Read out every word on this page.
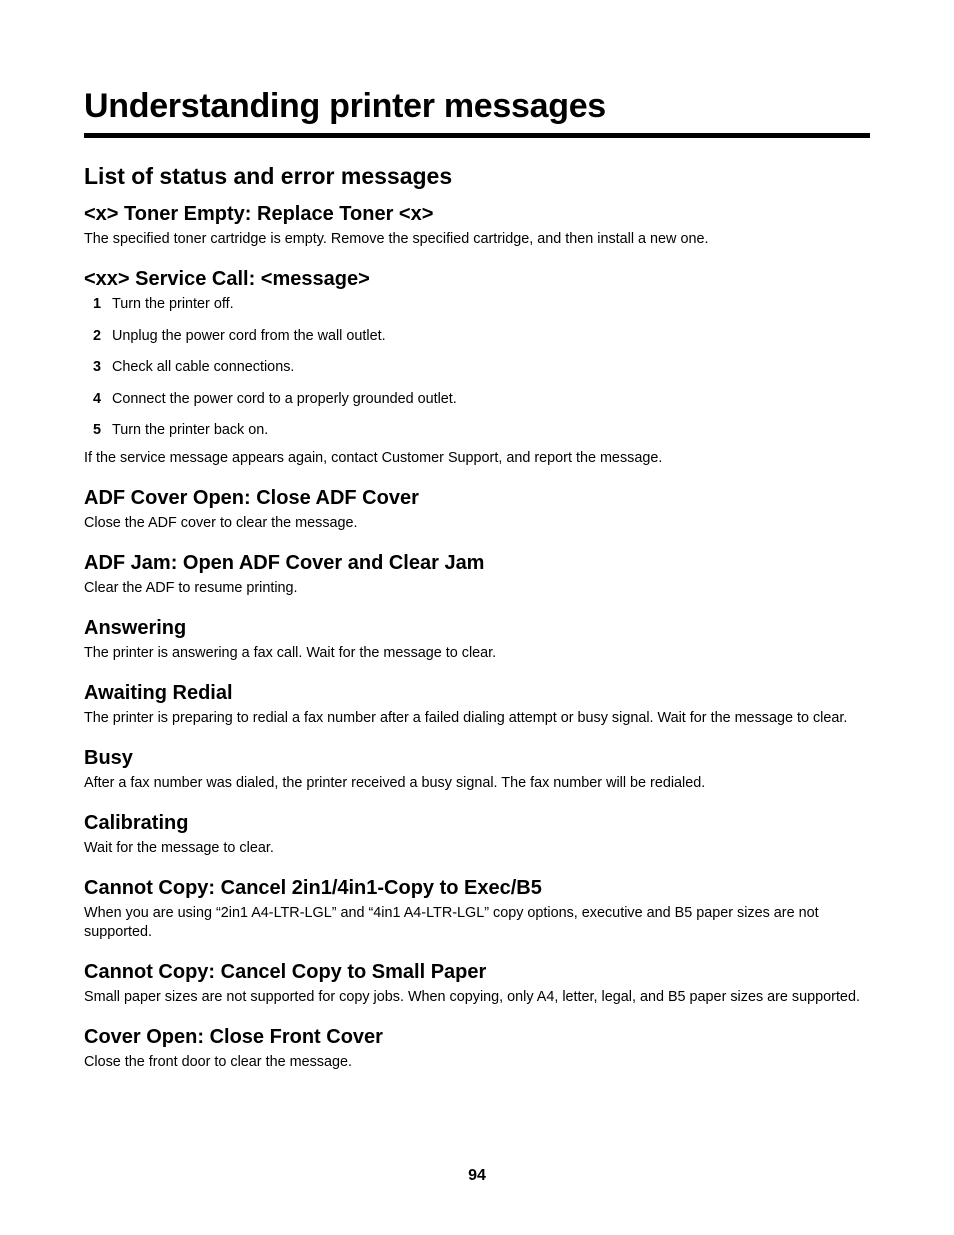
Understanding printer messages
List of status and error messages
<x> Toner Empty: Replace Toner <x>

The specified toner cartridge is empty. Remove the specified cartridge, and then install a new one.

<xx> Service Call: <message>
1 Turn the printer off.
2 Unplug the power cord from the wall outlet.
3 Check all cable connections.
4 Connect the power cord to a properly grounded outlet.
5 Turn the printer back on.

If the service message appears again, contact Customer Support, and report the message.

ADF Cover Open: Close ADF Cover

Close the ADF cover to clear the message.

ADF Jam: Open ADF Cover and Clear Jam

Clear the ADF to resume printing.

Answering

The printer is answering a fax call. Wait for the message to clear.

Awaiting Redial

The printer is preparing to redial a fax number after a failed dialing attempt or busy signal. Wait for the message to clear.

Busy

After a fax number was dialed, the printer received a busy signal. The fax number will be redialed.

Calibrating

Wait for the message to clear.

Cannot Copy: Cancel 2in1/4in1-Copy to Exec/B5

When you are using “2in1 A4-LTR-LGL” and “4in1 A4-LTR-LGL” copy options, executive and B5 paper sizes are not supported.

Cannot Copy: Cancel Copy to Small Paper

Small paper sizes are not supported for copy jobs. When copying, only A4, letter, legal, and B5 paper sizes are supported.

Cover Open: Close Front Cover

Close the front door to clear the message.

94
